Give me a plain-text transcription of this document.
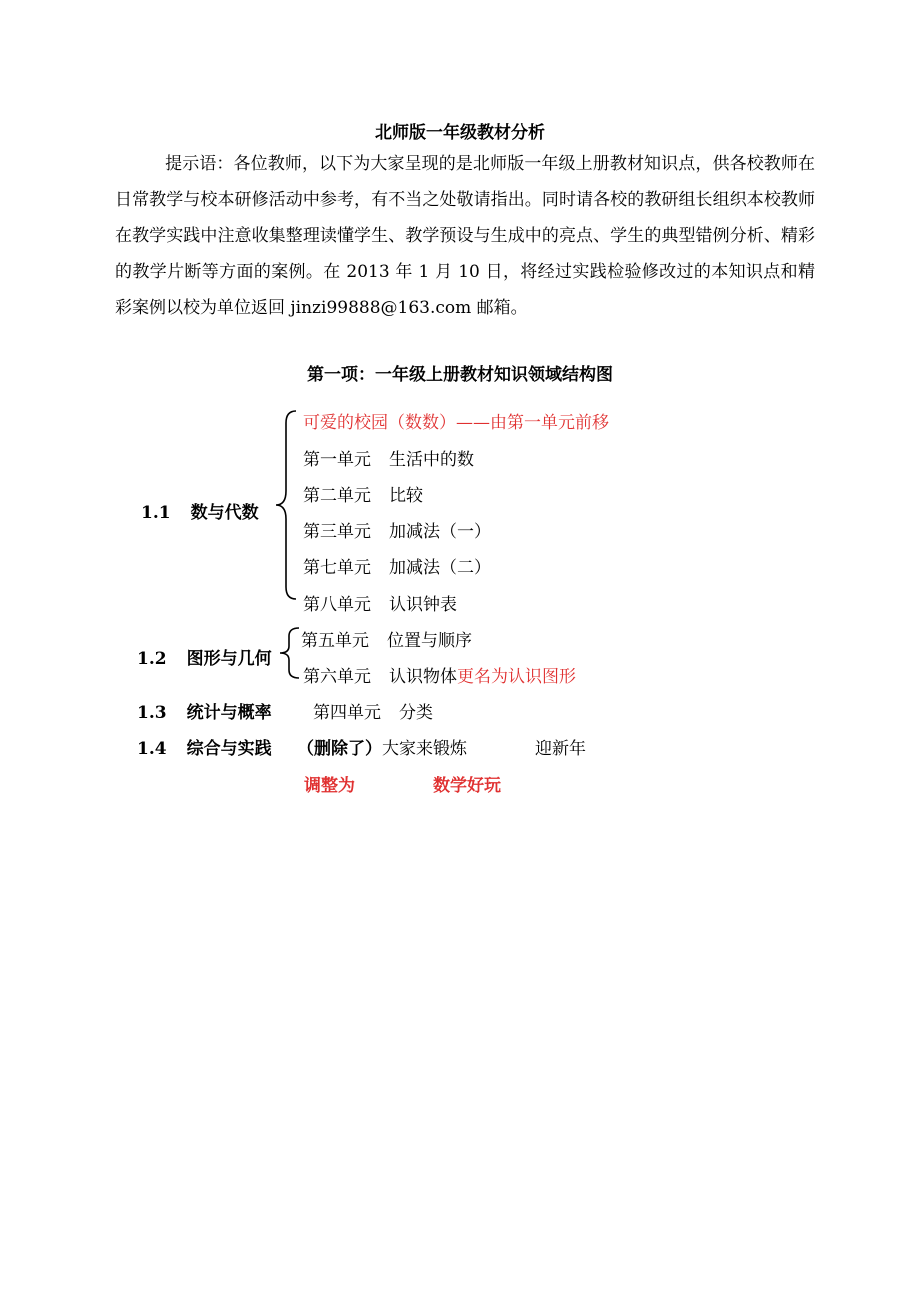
北师版一年级教材分析
提示语：各位教师，以下为大家呈现的是北师版一年级上册教材知识点，供各校教师在日常教学与校本研修活动中参考，有不当之处敬请指出。同时请各校的教研组长组织本校教师在教学实践中注意收集整理读懂学生、教学预设与生成中的亮点、学生的典型错例分析、精彩的教学片断等方面的案例。在 2013 年 1 月 10 日，将经过实践检验修改过的本知识点和精彩案例以校为单位返回 jinzi99888@163.com 邮箱。
第一项：一年级上册教材知识领域结构图
1.1 数与代数
可爱的校园（数数）——由第一单元前移
第一单元 生活中的数
第二单元 比较
第三单元 加减法（一）
第七单元 加减法（二）
第八单元 认识钟表
1.2 图形与几何
第五单元 位置与顺序
第六单元 认识物体更名为认识图形
1.3 统计与概率 第四单元 分类
1.4 综合与实践 （删除了）大家来锻炼	迎新年
调整为	数学好玩
